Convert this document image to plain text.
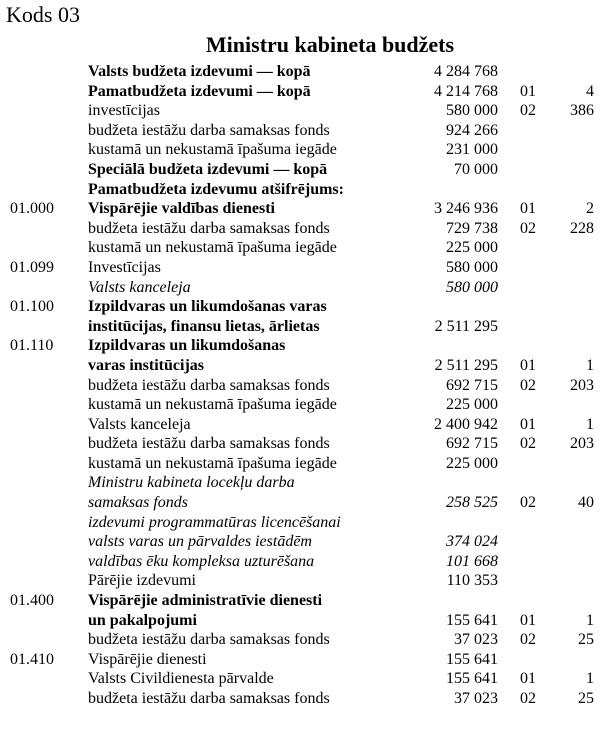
Kods 03
Ministru kabineta budžets
Valsts budžeta izdevumi — kopā	4 284 768
Pamatbudžeta izdevumi — kopā	4 214 768	01	4
investīcijas	580 000	02	386
budžeta iestāžu darba samaksas fonds	924 266
kustamā un nekustamā īpašuma iegāde	231 000
Speciālā budžeta izdevumi — kopā	70 000
Pamatbudžeta izdevumu atšifrējums:
01.000 Vispārējie valdības dienesti	3 246 936	01	2
budžeta iestāžu darba samaksas fonds	729 738	02	228
kustamā un nekustamā īpašuma iegāde	225 000
01.099 Investīcijas	580 000
Valsts kanceleja	580 000
01.100 Izpildvaras un likumdošanas varas
institūcijas, finansu lietas, ārlietas	2 511 295
01.110 Izpildvaras un likumdošanas
varas institūcijas	2 511 295	01	1
budžeta iestāžu darba samaksas fonds	692 715	02	203
kustamā un nekustamā īpašuma iegāde	225 000
Valsts kanceleja	2 400 942	01	1
budžeta iestāžu darba samaksas fonds	692 715	02	203
kustamā un nekustamā īpašuma iegāde	225 000
Ministru kabineta locekļu darba
samaksas fonds	258 525	02	40
izdevumi programmatūras licencēšanai
valsts varas un pārvaldes iestādēm	374 024
valdības ēku kompleksa uzturēšana	101 668
Pārējie izdevumi	110 353
01.400 Vispārējie administratīvie dienesti
un pakalpojumi	155 641	01	1
budžeta iestāžu darba samaksas fonds	37 023	02	25
01.410 Vispārējie dienesti	155 641
Valsts Civildienesta pārvalde	155 641	01	1
budžeta iestāžu darba samaksas fonds	37 023	02	25
